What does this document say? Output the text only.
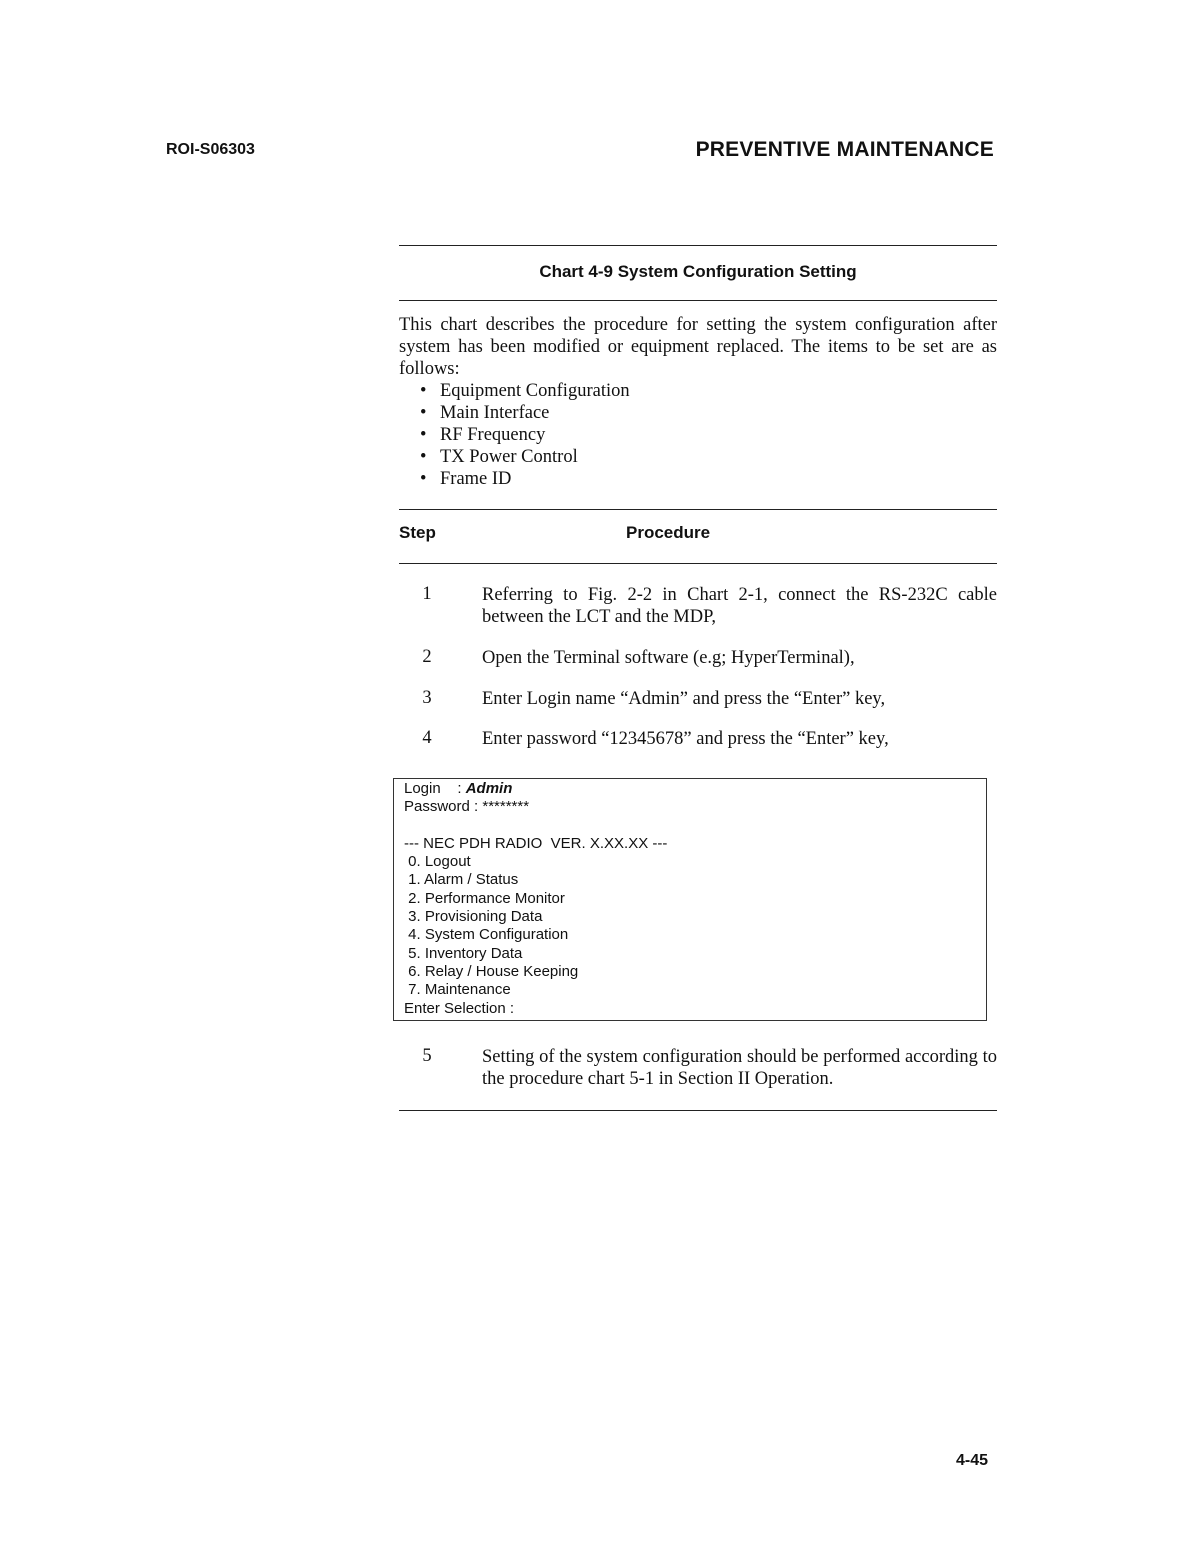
ROI-S06303	PREVENTIVE MAINTENANCE
Chart 4-9 System Configuration Setting

This chart describes the procedure for setting the system configuration after system has been modified or equipment replaced. The items to be set are as follows:

• Equipment Configuration
• Main Interface
• RF Frequency
• TX Power Control
• Frame ID
Step	Procedure
1	Referring to Fig. 2-2 in Chart 2-1, connect the RS-232C cable between the LCT and the MDP,
2	Open the Terminal software (e.g; HyperTerminal),
3	Enter Login name “Admin” and press the “Enter” key,
4	Enter password “12345678” and press the “Enter” key,
Login    : Admin
Password : ********
--- NEC PDH RADIO  VER. X.XX.XX ---
0. Logout
1. Alarm / Status
2. Performance Monitor
3. Provisioning Data
4. System Configuration
5. Inventory Data
6. Relay / House Keeping
7. Maintenance
Enter Selection :
5	Setting of the system configuration should be performed according to the procedure chart 5-1 in Section II Operation.
4-45
